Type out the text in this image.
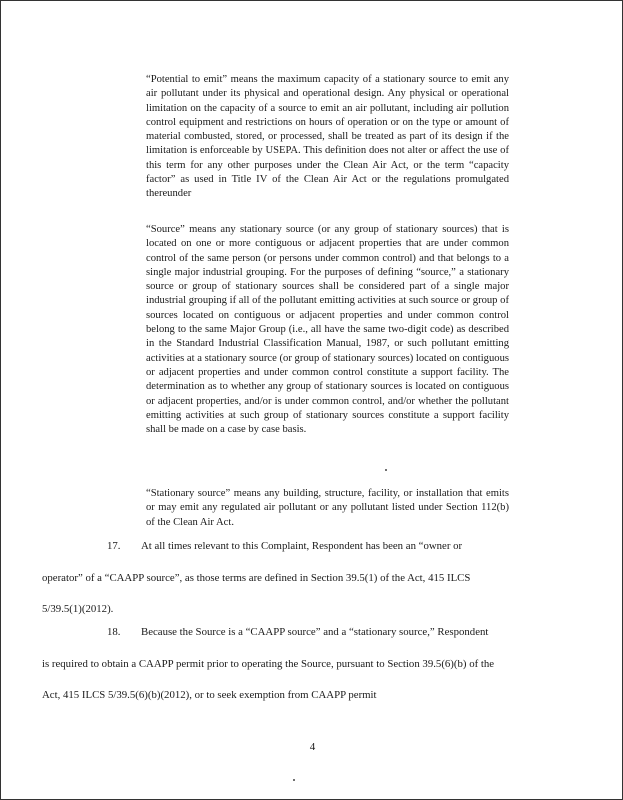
“Potential to emit” means the maximum capacity of a stationary source to emit any air pollutant under its physical and operational design. Any physical or operational limitation on the capacity of a source to emit an air pollutant, including air pollution control equipment and restrictions on hours of operation or on the type or amount of material combusted, stored, or processed, shall be treated as part of its design if the limitation is enforceable by USEPA. This definition does not alter or affect the use of this term for any other purposes under the Clean Air Act, or the term “capacity factor” as used in Title IV of the Clean Air Act or the regulations promulgated thereunder

“Source” means any stationary source (or any group of stationary sources) that is located on one or more contiguous or adjacent properties that are under common control of the same person (or persons under common control) and that belongs to a single major industrial grouping. For the purposes of defining “source,” a stationary source or group of stationary sources shall be considered part of a single major industrial grouping if all of the pollutant emitting activities at such source or group of sources located on contiguous or adjacent properties and under common control belong to the same Major Group (i.e., all have the same two-digit code) as described in the Standard Industrial Classification Manual, 1987, or such pollutant emitting activities at a stationary source (or group of stationary sources) located on contiguous or adjacent properties and under common control constitute a support facility. The determination as to whether any group of stationary sources is located on contiguous or adjacent properties, and/or is under common control, and/or whether the pollutant emitting activities at such group of stationary sources constitute a support facility shall be made on a case by case basis.

“Stationary source” means any building, structure, facility, or installation that emits or may emit any regulated air pollutant or any pollutant listed under Section 112(b) of the Clean Air Act.

17. At all times relevant to this Complaint, Respondent has been an “owner or
operator” of a “CAAPP source”, as those terms are defined in Section 39.5(1) of the Act, 415 ILCS 5/39.5(1)(2012).
18. Because the Source is a “CAAPP source” and a “stationary source,” Respondent
is required to obtain a CAAPP permit prior to operating the Source, pursuant to Section 39.5(6)(b) of the Act, 415 ILCS 5/39.5(6)(b)(2012), or to seek exemption from CAAPP permit
4
